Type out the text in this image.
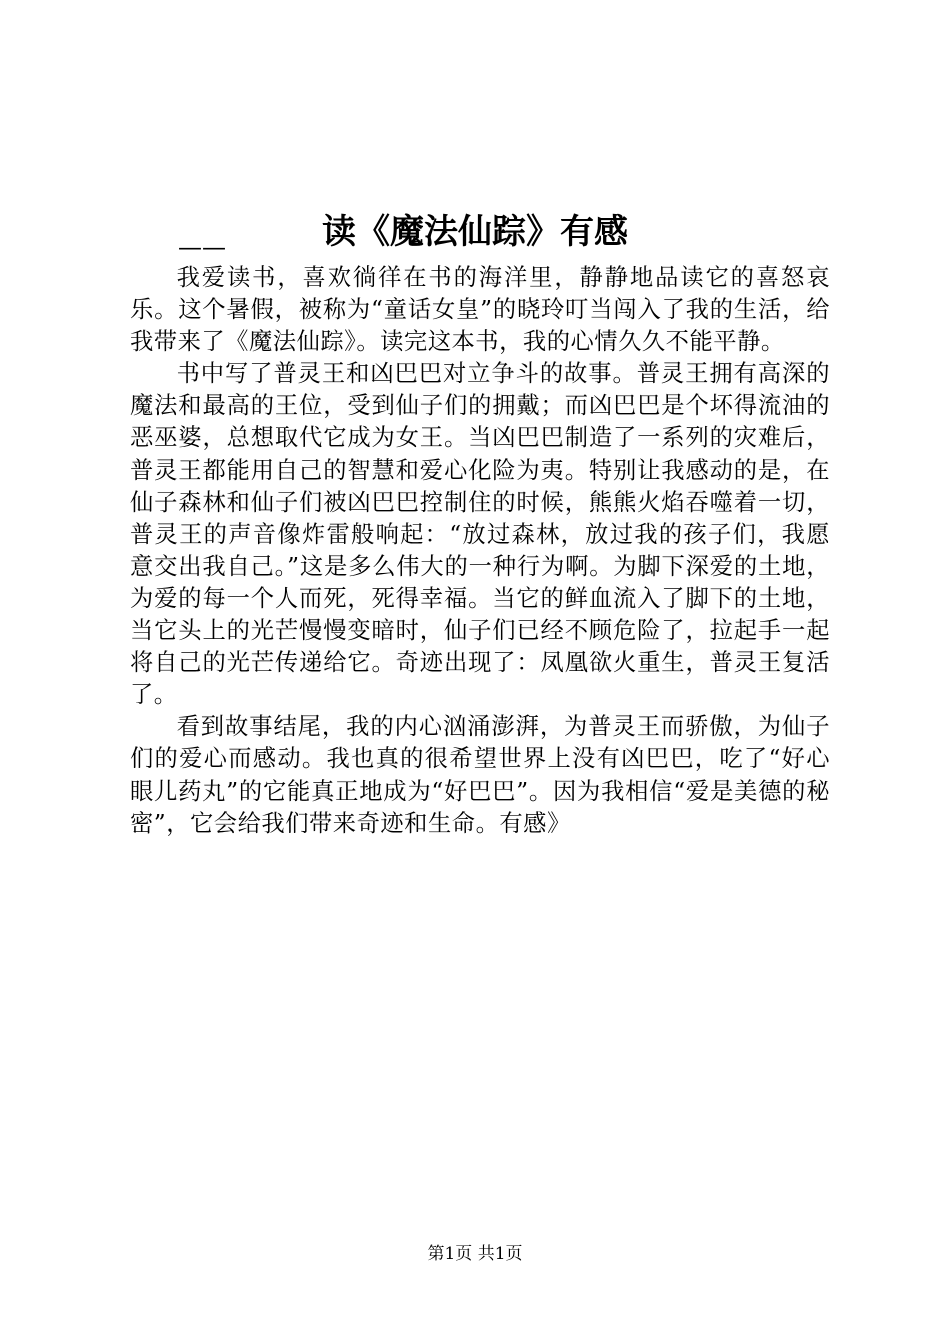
读《魔法仙踪》有感
——

我爱读书，喜欢徜徉在书的海洋里，静静地品读它的喜怒哀乐。这个暑假，被称为“童话女皇”的晓玲叮当闯入了我的生活，给我带来了《魔法仙踪》。读完这本书，我的心情久久不能平静。

书中写了普灵王和凶巴巴对立争斗的故事。普灵王拥有高深的魔法和最高的王位，受到仙子们的拥戴；而凶巴巴是个坏得流油的恶巫婆，总想取代它成为女王。当凶巴巴制造了一系列的灾难后，普灵王都能用自己的智慧和爱心化险为夷。特别让我感动的是，在仙子森林和仙子们被凶巴巴控制住的时候，熊熊火焰吞噬着一切，普灵王的声音像炸雷般响起：“放过森林，放过我的孩子们，我愿意交出我自己。”这是多么伟大的一种行为啊。为脚下深爱的土地，为爱的每一个人而死，死得幸福。当它的鲜血流入了脚下的土地，当它头上的光芒慢慢变暗时，仙子们已经不顾危险了，拉起手一起将自己的光芒传递给它。奇迹出现了：凤凰欲火重生，普灵王复活了。

看到故事结尾，我的内心汹涌澎湃，为普灵王而骄傲，为仙子们的爱心而感动。我也真的很希望世界上没有凶巴巴，吃了“好心眼儿药丸”的它能真正地成为“好巴巴”。因为我相信“爱是美德的秘密”，它会给我们带来奇迹和生命。有感》

第1页 共1页
